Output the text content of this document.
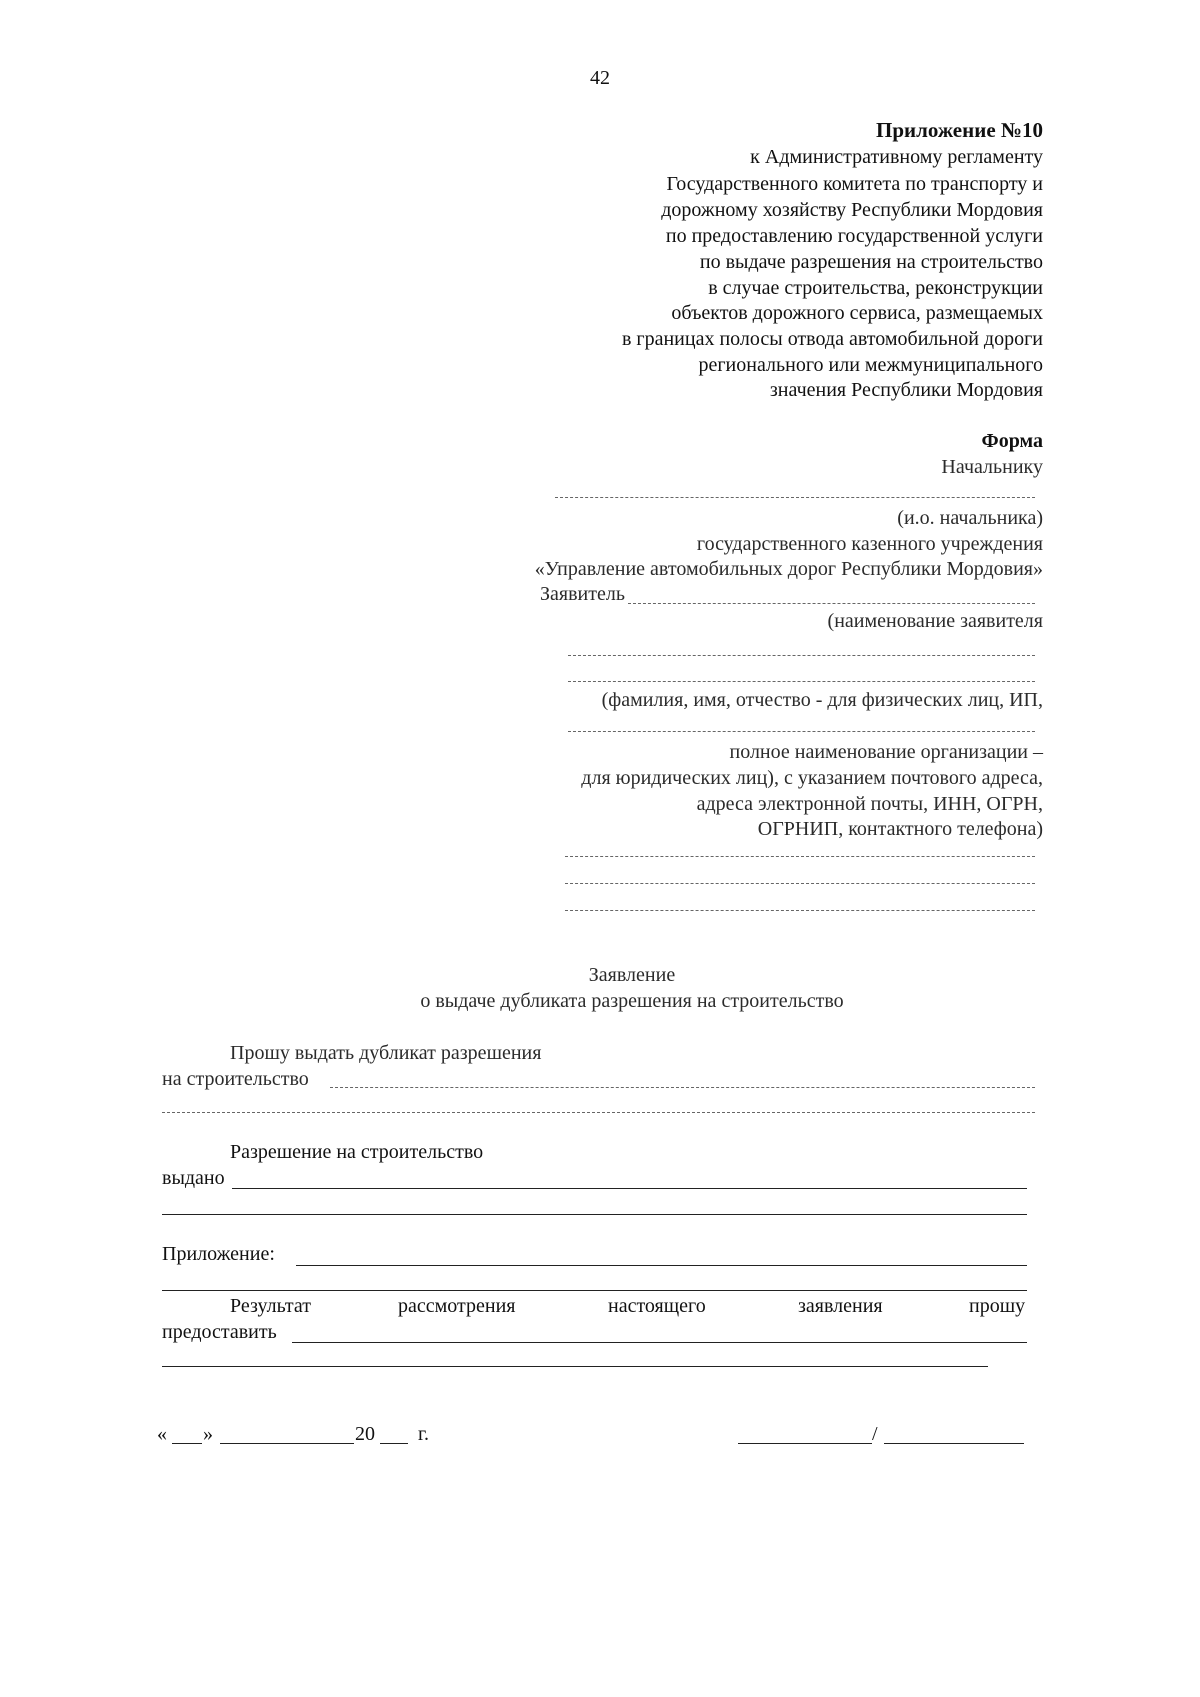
42
Приложение №10
к Административному регламенту
Государственного комитета по транспорту и
дорожному хозяйству Республики Мордовия
по предоставлению государственной услуги
по выдаче разрешения на строительство
в случае строительства, реконструкции
объектов дорожного сервиса, размещаемых
в границах полосы отвода автомобильной дороги
регионального или межмуниципального
значения Республики Мордовия
Форма
Начальнику
(и.о. начальника)
государственного казенного учреждения
«Управление автомобильных дорог Республики Мордовия»
Заявитель
(наименование заявителя
(фамилия, имя, отчество - для физических лиц, ИП,
полное наименование организации –
для юридических лиц), с указанием почтового адреса,
адреса электронной почты, ИНН, ОГРН,
ОГРНИП, контактного телефона)
Заявление
о выдаче дубликата разрешения на строительство
Прошу выдать дубликат разрешения
на строительство
Разрешение на строительство
выдано
Приложение:
Результат	рассмотрения	настоящего	заявления	прошу
предоставить
« »	20 г.	/
